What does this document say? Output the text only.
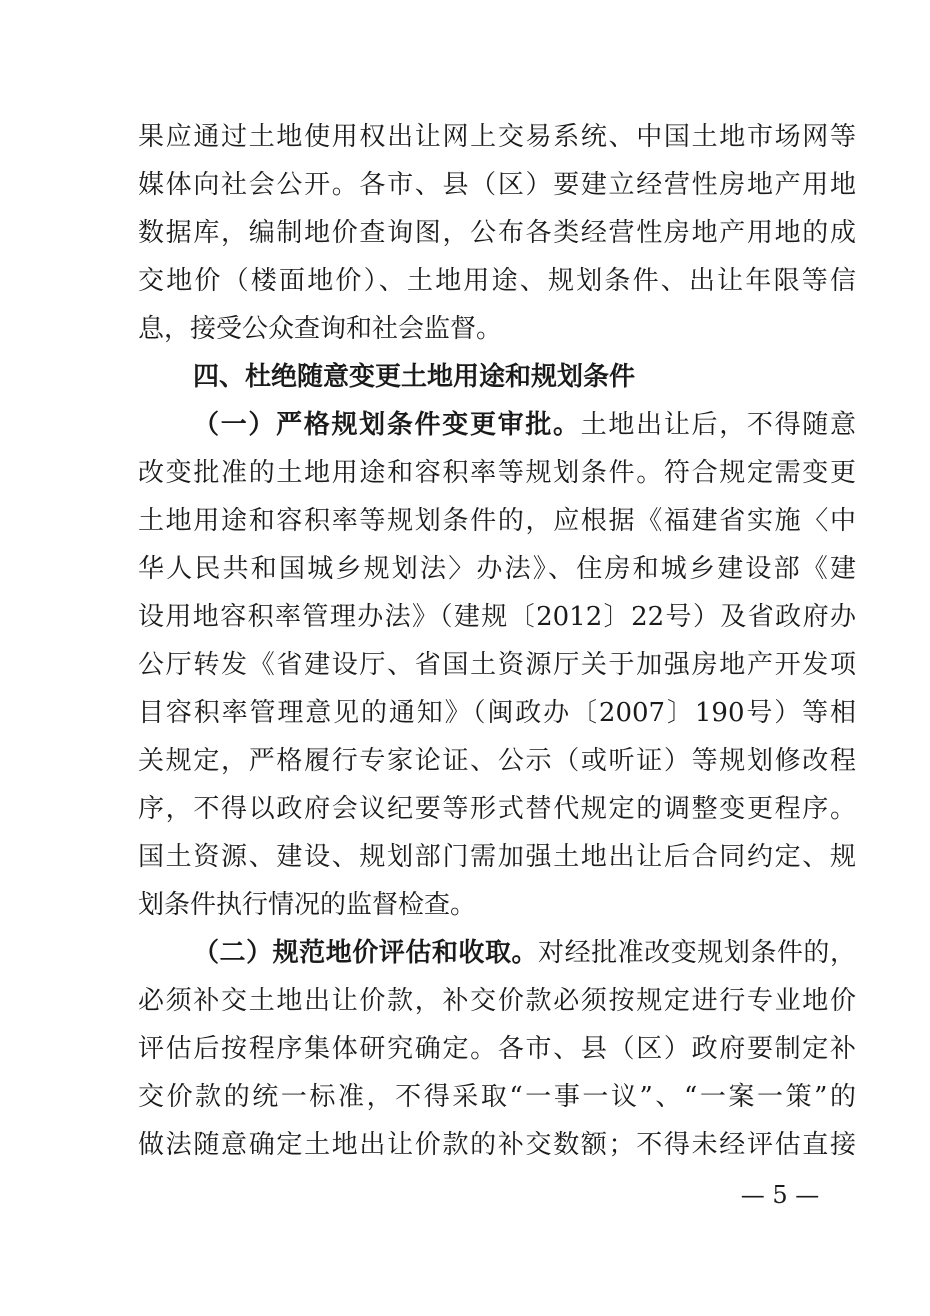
果应通过土地使用权出让网上交易系统、中国土地市场网等
媒体向社会公开。各市、县（区）要建立经营性房地产用地
数据库，编制地价查询图，公布各类经营性房地产用地的成
交地价（楼面地价）、土地用途、规划条件、出让年限等信
息，接受公众查询和社会监督。
四、杜绝随意变更土地用途和规划条件
（一）严格规划条件变更审批。土地出让后，不得随意
改变批准的土地用途和容积率等规划条件。符合规定需变更
土地用途和容积率等规划条件的，应根据《福建省实施〈中
华人民共和国城乡规划法〉办法》、住房和城乡建设部《建
设用地容积率管理办法》（建规〔2012〕22号）及省政府办
公厅转发《省建设厅、省国土资源厅关于加强房地产开发项
目容积率管理意见的通知》（闽政办〔2007〕190号）等相
关规定，严格履行专家论证、公示（或听证）等规划修改程
序，不得以政府会议纪要等形式替代规定的调整变更程序。
国土资源、建设、规划部门需加强土地出让后合同约定、规
划条件执行情况的监督检查。
（二）规范地价评估和收取。对经批准改变规划条件的，
必须补交土地出让价款，补交价款必须按规定进行专业地价
评估后按程序集体研究确定。各市、县（区）政府要制定补
交价款的统一标准，不得采取“一事一议”、“一案一策”的
做法随意确定土地出让价款的补交数额；不得未经评估直接
— 5 —
